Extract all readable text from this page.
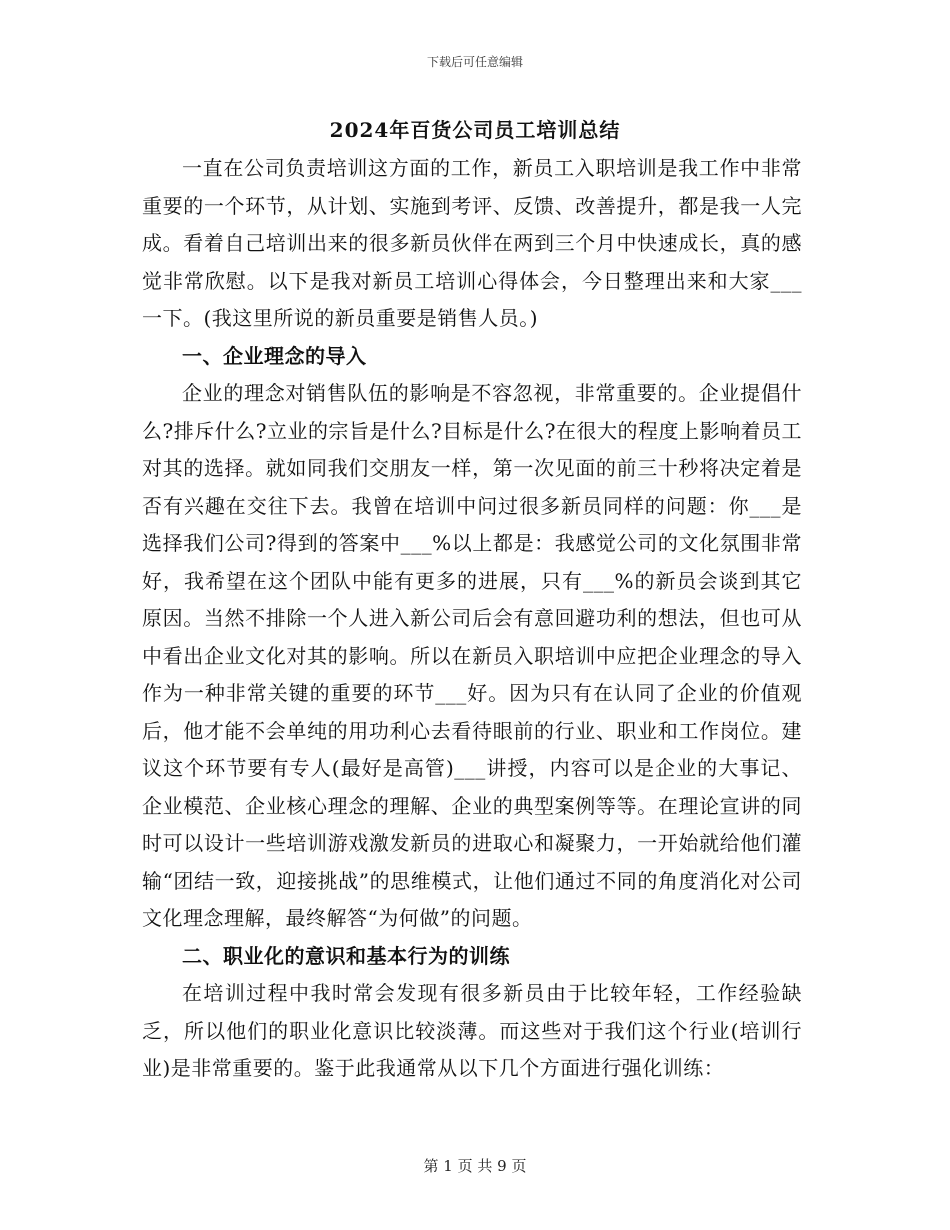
下载后可任意编辑
2024年百货公司员工培训总结

一直在公司负责培训这方面的工作，新员工入职培训是我工作中非常重要的一个环节，从计划、实施到考评、反馈、改善提升，都是我一人完成。看着自己培训出来的很多新员伙伴在两到三个月中快速成长，真的感觉非常欣慰。以下是我对新员工培训心得体会，今日整理出来和大家___一下。(我这里所说的新员重要是销售人员。)

一、企业理念的导入

企业的理念对销售队伍的影响是不容忽视，非常重要的。企业提倡什么?排斥什么?立业的宗旨是什么?目标是什么?在很大的程度上影响着员工对其的选择。就如同我们交朋友一样，第一次见面的前三十秒将决定着是否有兴趣在交往下去。我曾在培训中问过很多新员同样的问题：你___是选择我们公司?得到的答案中___%以上都是：我感觉公司的文化氛围非常好，我希望在这个团队中能有更多的进展，只有___%的新员会谈到其它原因。当然不排除一个人进入新公司后会有意回避功利的想法，但也可从中看出企业文化对其的影响。所以在新员入职培训中应把企业理念的导入作为一种非常关键的重要的环节___好。因为只有在认同了企业的价值观后，他才能不会单纯的用功利心去看待眼前的行业、职业和工作岗位。建议这个环节要有专人(最好是高管)___讲授，内容可以是企业的大事记、企业模范、企业核心理念的理解、企业的典型案例等等。在理论宣讲的同时可以设计一些培训游戏激发新员的进取心和凝聚力，一开始就给他们灌输“团结一致，迎接挑战”的思维模式，让他们通过不同的角度消化对公司文化理念理解，最终解答“为何做”的问题。

二、职业化的意识和基本行为的训练

在培训过程中我时常会发现有很多新员由于比较年轻，工作经验缺乏，所以他们的职业化意识比较淡薄。而这些对于我们这个行业(培训行业)是非常重要的。鉴于此我通常从以下几个方面进行强化训练：

第 1 页 共 9 页
